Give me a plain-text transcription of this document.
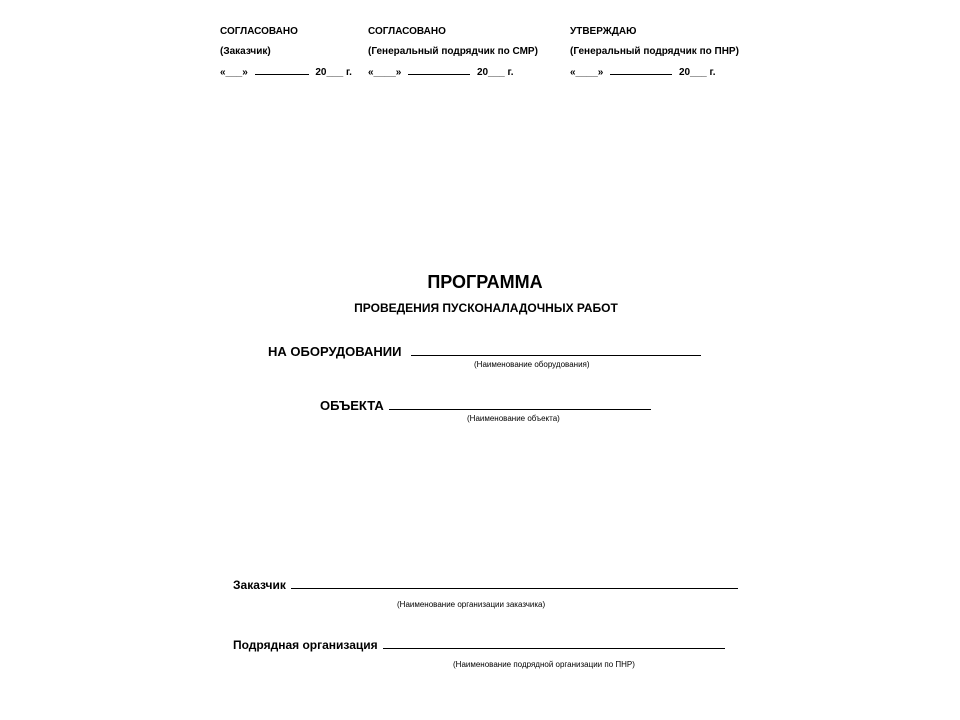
СОГЛАСОВАНО
(Заказчик)
«___»	20___ г.
СОГЛАСОВАНО
(Генеральный подрядчик по СМР)
«____»	20___ г.
УТВЕРЖДАЮ
(Генеральный подрядчик по ПНР)
«____»	20___ г.
ПРОГРАММА
ПРОВЕДЕНИЯ ПУСКОНАЛАДОЧНЫХ РАБОТ
НА ОБОРУДОВАНИИ
(Наименование оборудования)
ОБЪЕКТА
(Наименование объекта)
Заказчик
(Наименование организации заказчика)
Подрядная организация
(Наименование подрядной организации по ПНР)
